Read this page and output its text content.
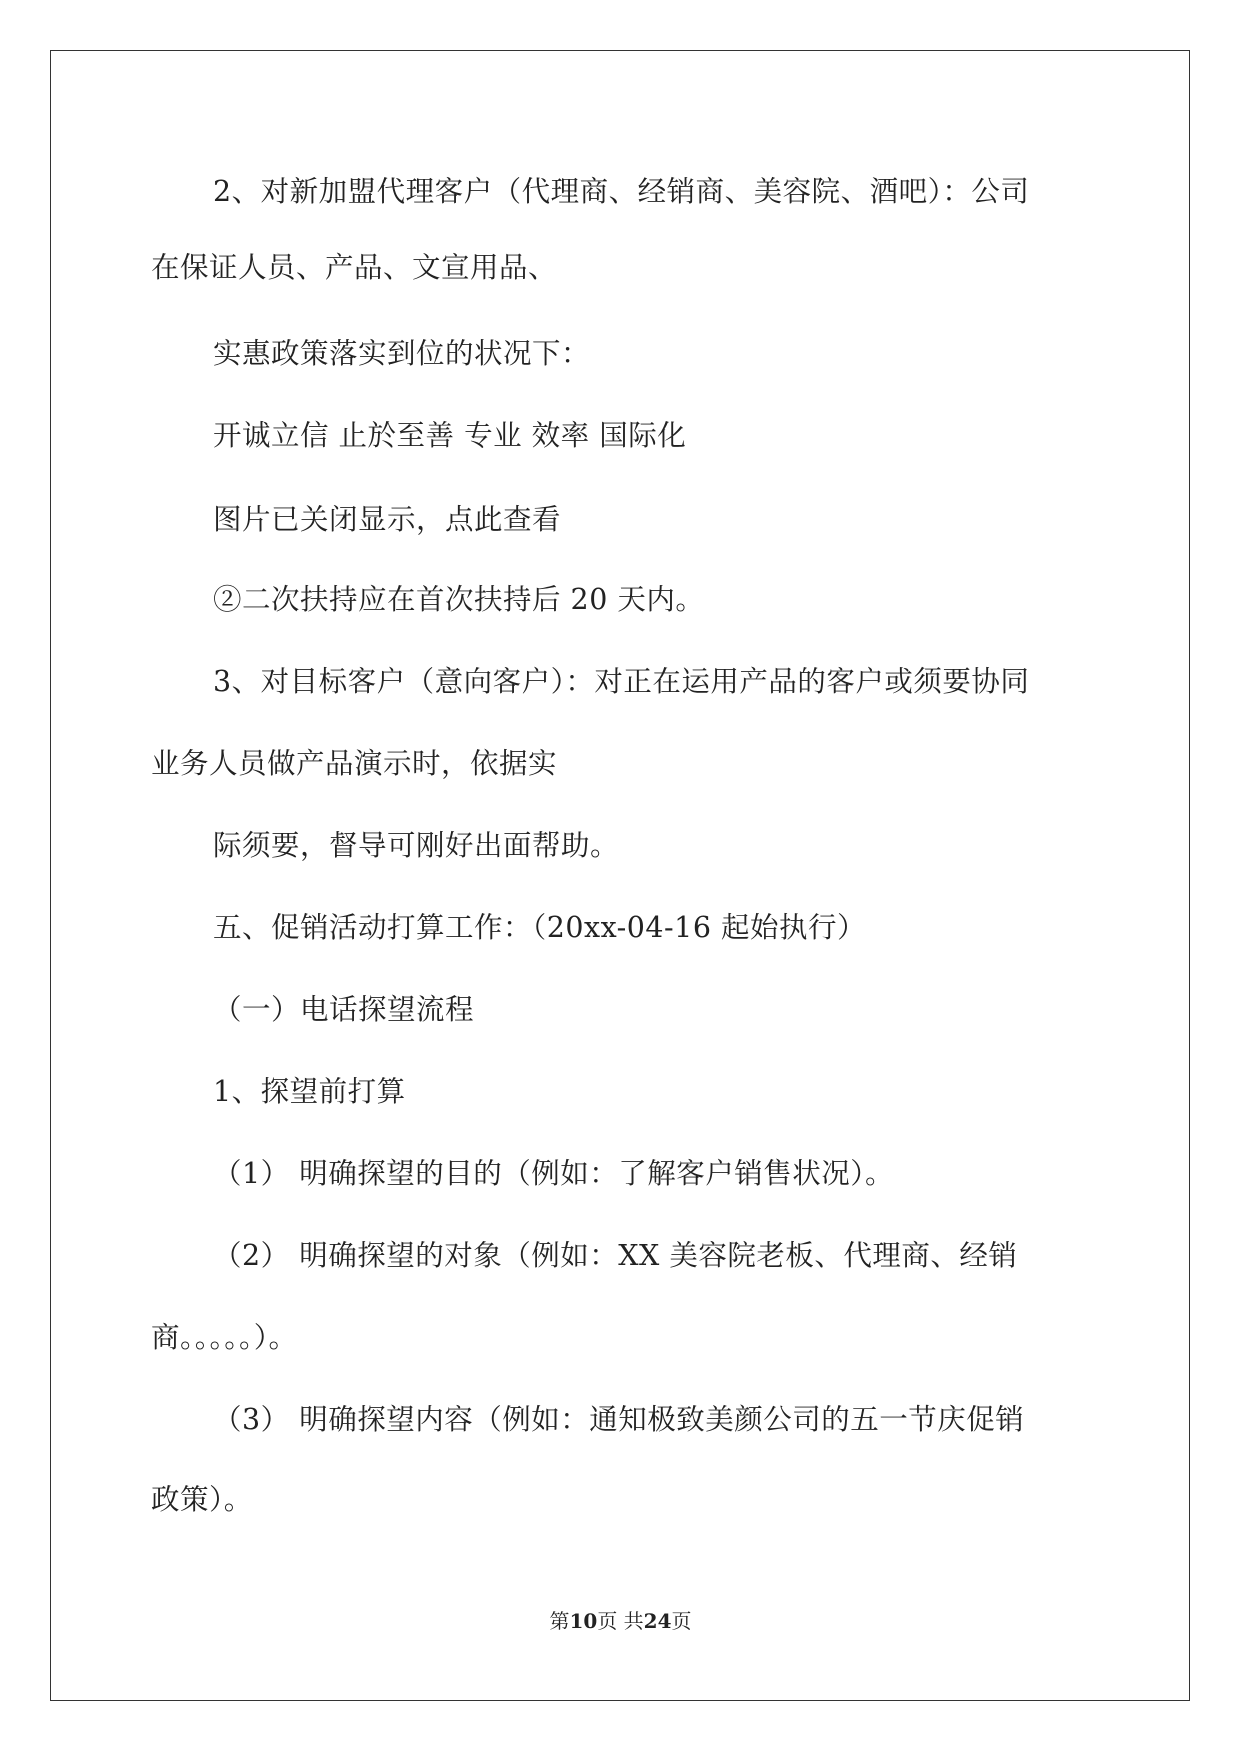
2、对新加盟代理客户（代理商、经销商、美容院、酒吧）：公司
在保证人员、产品、文宣用品、
实惠政策落实到位的状况下：
开诚立信 止於至善 专业 效率 国际化
图片已关闭显示，点此查看
②二次扶持应在首次扶持后 20 天内。
3、对目标客户（意向客户）：对正在运用产品的客户或须要协同
业务人员做产品演示时，依据实
际须要，督导可刚好出面帮助。
五、促销活动打算工作：（20xx-04-16 起始执行）
（一）电话探望流程
1、探望前打算
（1） 明确探望的目的（例如：了解客户销售状况）。
（2） 明确探望的对象（例如：XX 美容院老板、代理商、经销
商。。。。。）。
（3） 明确探望内容（例如：通知极致美颜公司的五一节庆促销
政策）。
第10页 共24页
